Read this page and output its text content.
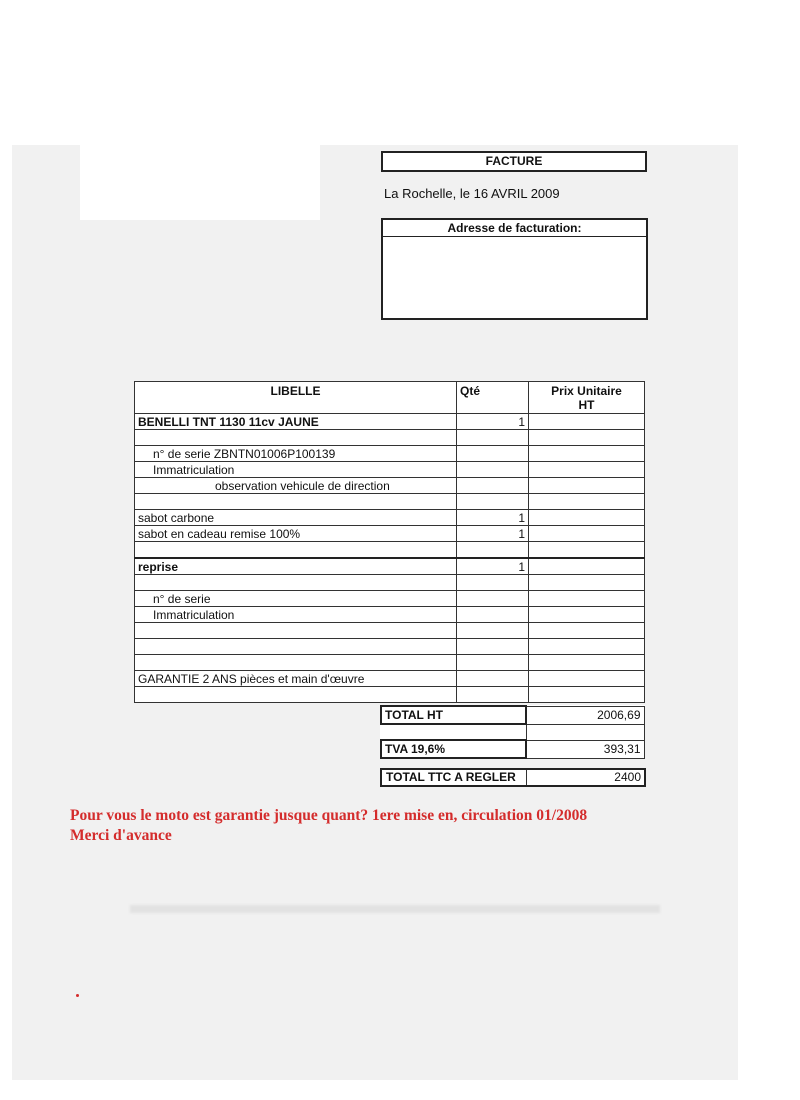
FACTURE
La Rochelle, le 16 AVRIL 2009
Adresse de facturation:
LIBELLE	Qté	Prix Unitaire
HT
BENELLI TNT 1130 11cv JAUNE	1	

n° de serie ZBNTN01006P100139		
Immatriculation		
observation vehicule de direction		

sabot carbone	1	
sabot en cadeau remise 100%	1	

reprise	1	

n° de serie		
Immatriculation		

GARANTIE 2 ANS pièces et main d'œuvre		

TOTAL HT	2006,69

TVA 19,6%	393,31
TOTAL TTC A REGLER	2400
Pour vous le moto est garantie jusque quant? 1ere mise en, circulation 01/2008
Merci d'avance
